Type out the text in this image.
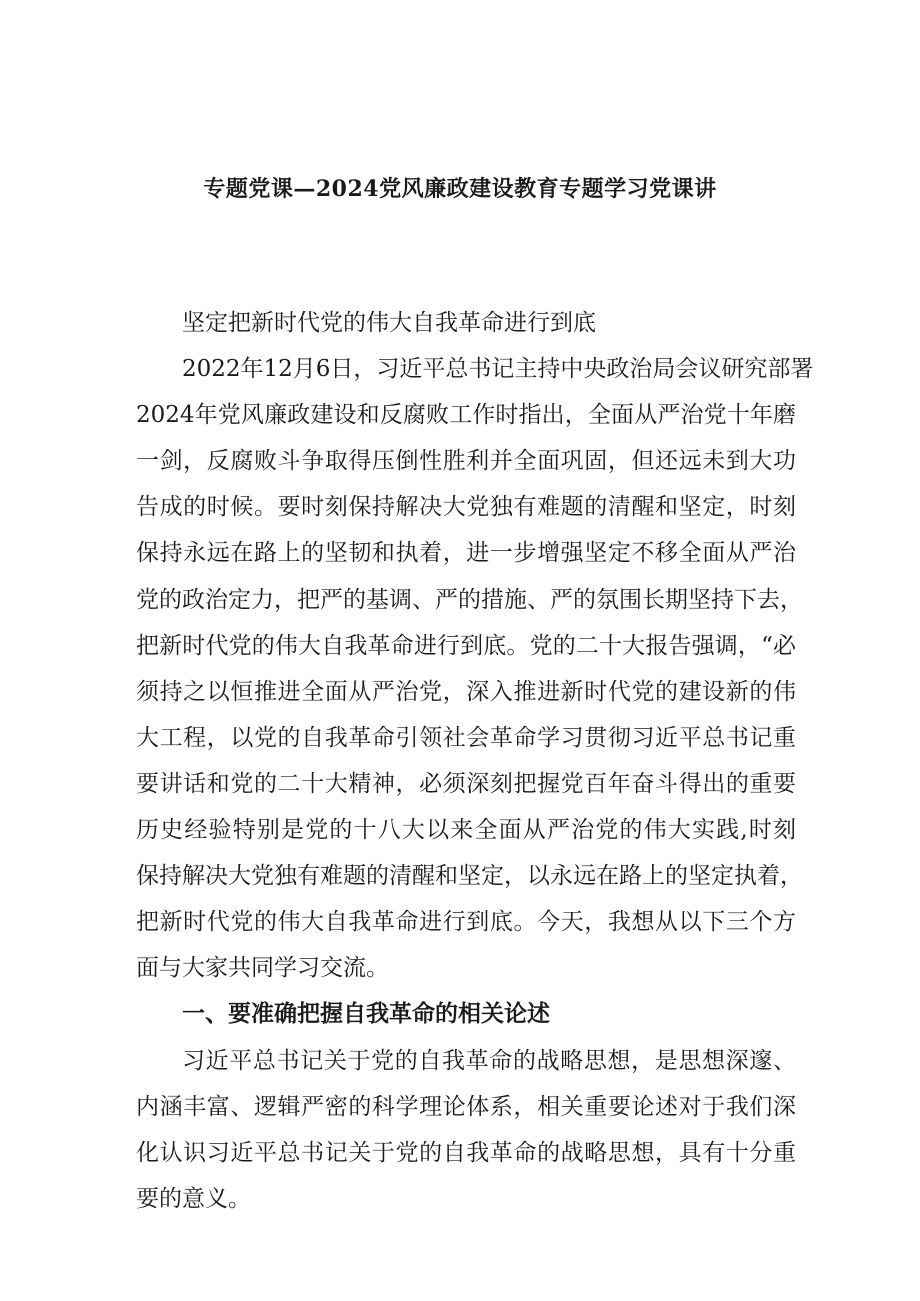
专题党课—2024党风廉政建设教育专题学习党课讲
坚定把新时代党的伟大自我革命进行到底
2022年12月6日，习近平总书记主持中央政治局会议研究部署
2024年党风廉政建设和反腐败工作时指出，全面从严治党十年磨
一剑，反腐败斗争取得压倒性胜利并全面巩固，但还远未到大功
告成的时候。要时刻保持解决大党独有难题的清醒和坚定，时刻
保持永远在路上的坚韧和执着，进一步增强坚定不移全面从严治
党的政治定力，把严的基调、严的措施、严的氛围长期坚持下去，
把新时代党的伟大自我革命进行到底。党的二十大报告强调，“必
须持之以恒推进全面从严治党，深入推进新时代党的建设新的伟
大工程，以党的自我革命引领社会革命学习贯彻习近平总书记重
要讲话和党的二十大精神，必须深刻把握党百年奋斗得出的重要
历史经验特别是党的十八大以来全面从严治党的伟大实践,时刻
保持解决大党独有难题的清醒和坚定，以永远在路上的坚定执着，
把新时代党的伟大自我革命进行到底。今天，我想从以下三个方
面与大家共同学习交流。
一、要准确把握自我革命的相关论述
习近平总书记关于党的自我革命的战略思想，是思想深邃、
内涵丰富、逻辑严密的科学理论体系，相关重要论述对于我们深
化认识习近平总书记关于党的自我革命的战略思想，具有十分重
要的意义。
